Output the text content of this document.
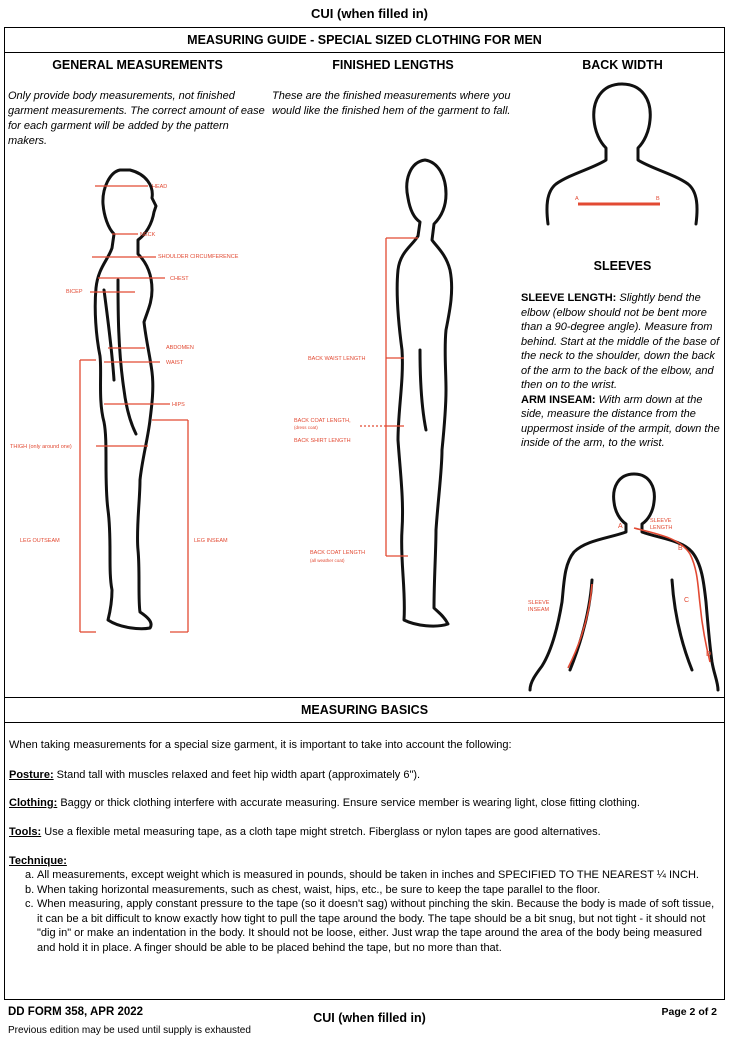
CUI (when filled in)
MEASURING GUIDE - SPECIAL SIZED CLOTHING FOR MEN
GENERAL MEASUREMENTS	FINISHED LENGTHS	BACK WIDTH
Only provide body measurements, not finished garment measurements. The correct amount of ease for each garment will be added by the pattern makers.
These are the finished measurements where you would like the finished hem of the garment to fall.
HEAD
NECK
SHOULDER CIRCUMFERENCE
CHEST
BICEP
ABDOMEN
WAIST
HIPS
THIGH (only around one)
LEG OUTSEAM	LEG INSEAM
BACK WAIST LENGTH
BACK COAT LENGTH,
(dress coat)
BACK SHIRT LENGTH
BACK COAT LENGTH
(all weather coat)
A	B
SLEEVES
SLEEVE LENGTH: Slightly bend the elbow (elbow should not be bent more than a 90-degree angle). Measure from behind. Start at the middle of the base of the neck to the shoulder, down the back of the arm to the back of the elbow, and then on to the wrist.
ARM INSEAM: With arm down at the side, measure the distance from the uppermost inside of the armpit, down the inside of the arm, to the wrist.
A
B
C
D
SLEEVE
LENGTH
SLEEVE
INSEAM
MEASURING BASICS
When taking measurements for a special size garment, it is important to take into account the following:
Posture: Stand tall with muscles relaxed and feet hip width apart (approximately 6").
Clothing: Baggy or thick clothing interfere with accurate measuring. Ensure service member is wearing light, close fitting clothing.
Tools: Use a flexible metal measuring tape, as a cloth tape might stretch. Fiberglass or nylon tapes are good alternatives.
Technique:
a. All measurements, except weight which is measured in pounds, should be taken in inches and SPECIFIED TO THE NEAREST ¼ INCH.
b. When taking horizontal measurements, such as chest, waist, hips, etc., be sure to keep the tape parallel to the floor.
c. When measuring, apply constant pressure to the tape (so it doesn't sag) without pinching the skin. Because the body is made of soft tissue, it can be a bit difficult to know exactly how tight to pull the tape around the body. The tape should be a bit snug, but not tight - it should not "dig in" or make an indentation in the body. It should not be loose, either. Just wrap the tape around the area of the body being measured and hold it in place. A finger should be able to be placed behind the tape, but no more than that.
DD FORM 358, APR 2022
Previous edition may be used until supply is exhausted
CUI (when filled in)	Page 2 of 2
